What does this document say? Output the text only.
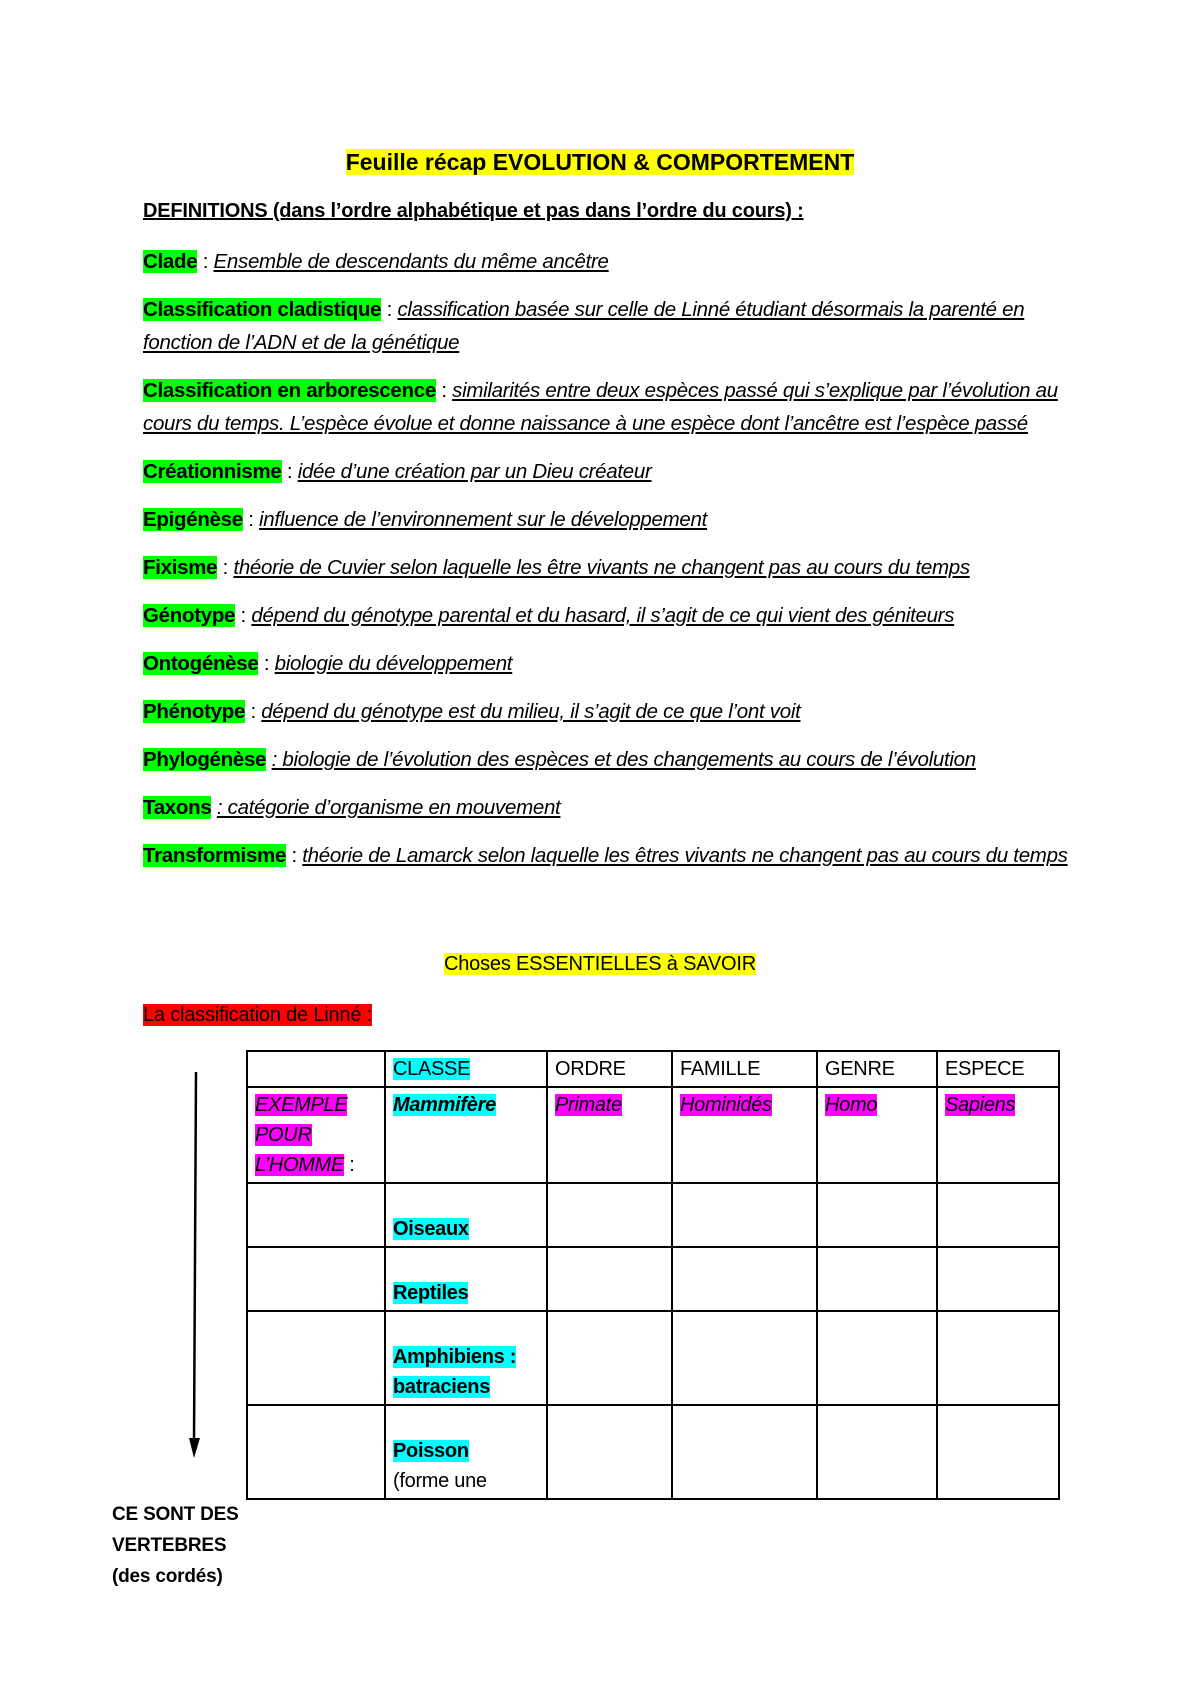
Feuille récap EVOLUTION & COMPORTEMENT
DEFINITIONS (dans l’ordre alphabétique et pas dans l’ordre du cours) :
Clade : Ensemble de descendants du même ancêtre
Classification cladistique : classification basée sur celle de Linné étudiant désormais la parenté en fonction de l’ADN et de la génétique
Classification en arborescence : similarités entre deux espèces passé qui s’explique par l’évolution au cours du temps. L’espèce évolue et donne naissance à une espèce dont l’ancêtre est l’espèce passé
Créationnisme : idée d’une création par un Dieu créateur
Epigénèse : influence de l’environnement sur le développement
Fixisme : théorie de Cuvier selon laquelle les être vivants ne changent pas au cours du temps
Génotype : dépend du génotype parental et du hasard, il s’agit de ce qui vient des géniteurs
Ontogénèse : biologie du développement
Phénotype : dépend du génotype est du milieu, il s’agit de ce que l’ont voit
Phylogénèse : biologie de l’évolution des espèces et des changements au cours de l’évolution
Taxons : catégorie d’organisme en mouvement
Transformisme : théorie de Lamarck selon laquelle les êtres vivants ne changent pas au cours du temps
Choses ESSENTIELLES à SAVOIR
La classification de Linné :
	CLASSE	ORDRE	FAMILLE	GENRE	ESPECE
EXEMPLE POUR L’HOMME :	Mammifère	Primate	Hominidés	Homo	Sapiens

	Oiseaux				

	Reptiles				

	Amphibiens : batraciens				

	Poisson
(forme une				

CE SONT DES
VERTEBRES
(des cordés)
